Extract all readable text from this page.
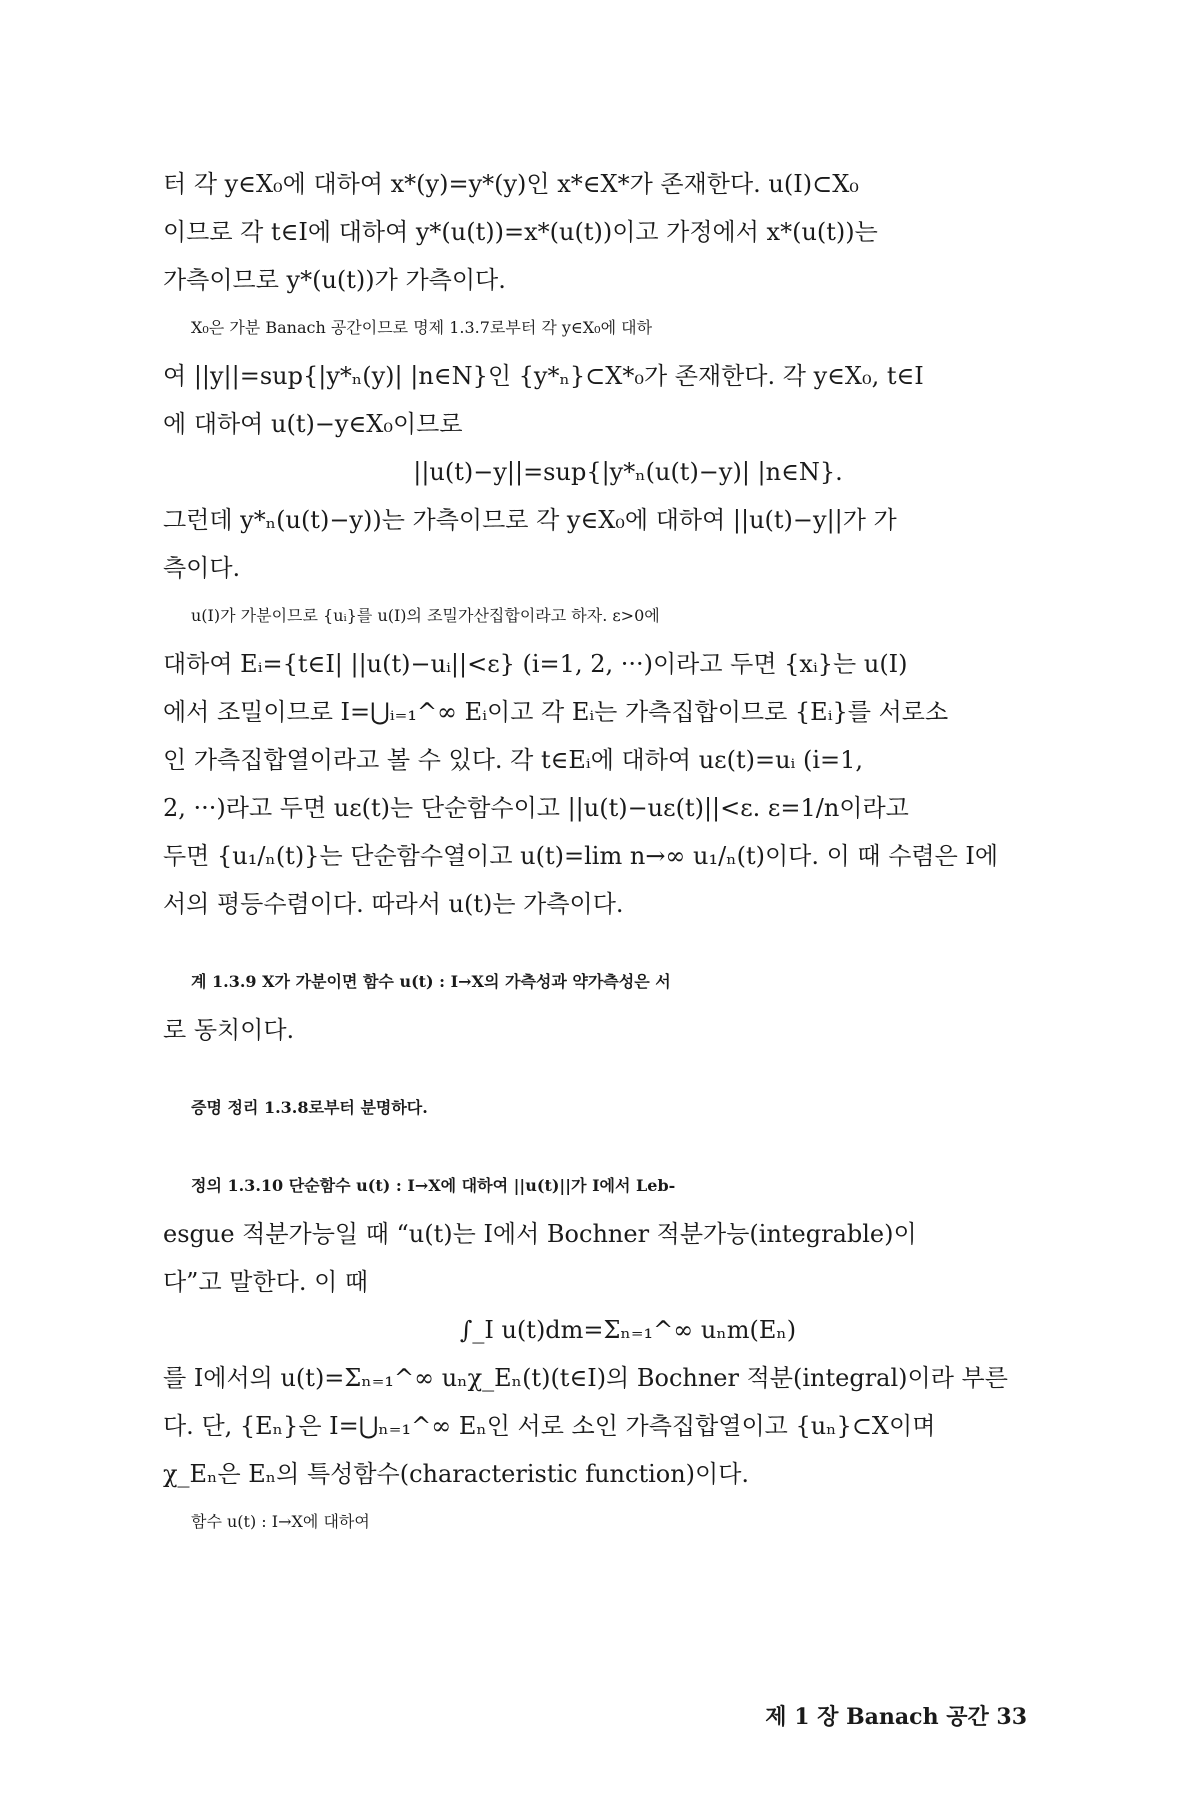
터 각 y∈X₀에 대하여 x*(y)=y*(y)인 x*∈X*가 존재한다. u(I)⊂X₀
이므로 각 t∈I에 대하여 y*(u(t))=x*(u(t))이고 가정에서 x*(u(t))는
가측이므로 y*(u(t))가 가측이다.
X₀은 가분 Banach 공간이므로 명제 1.3.7로부터 각 y∈X₀에 대하
여 ||y||=sup{|y*ₙ(y)| |n∈N}인 {y*ₙ}⊂X*₀가 존재한다. 각 y∈X₀, t∈I
에 대하여 u(t)−y∈X₀이므로
||u(t)−y||=sup{|y*ₙ(u(t)−y)| |n∈N}.
그런데 y*ₙ(u(t)−y))는 가측이므로 각 y∈X₀에 대하여 ||u(t)−y||가 가
측이다.
u(I)가 가분이므로 {uᵢ}를 u(I)의 조밀가산집합이라고 하자. ε>0에
대하여 Eᵢ={t∈I| ||u(t)−uᵢ||<ε} (i=1, 2, ···)이라고 두면 {xᵢ}는 u(I)
에서 조밀이므로 I=⋃ᵢ₌₁^∞ Eᵢ이고 각 Eᵢ는 가측집합이므로 {Eᵢ}를 서로소
인 가측집합열이라고 볼 수 있다. 각 t∈Eᵢ에 대하여 uε(t)=uᵢ (i=1,
2, ···)라고 두면 uε(t)는 단순함수이고 ||u(t)−uε(t)||<ε. ε=1/n이라고
두면 {u₁/ₙ(t)}는 단순함수열이고 u(t)=lim n→∞ u₁/ₙ(t)이다. 이 때 수렴은 I에
서의 평등수렴이다. 따라서 u(t)는 가측이다.
계 1.3.9 X가 가분이면 함수 u(t) : I→X의 가측성과 약가측성은 서
로 동치이다.
증명 정리 1.3.8로부터 분명하다.
정의 1.3.10 단순함수 u(t) : I→X에 대하여 ||u(t)||가 I에서 Leb-
esgue 적분가능일 때 “u(t)는 I에서 Bochner 적분가능(integrable)이
다”고 말한다. 이 때
∫_I u(t)dm=Σₙ₌₁^∞ uₙm(Eₙ)
를 I에서의 u(t)=Σₙ₌₁^∞ uₙχ_Eₙ(t)(t∈I)의 Bochner 적분(integral)이라 부른
다. 단, {Eₙ}은 I=⋃ₙ₌₁^∞ Eₙ인 서로 소인 가측집합열이고 {uₙ}⊂X이며
χ_Eₙ은 Eₙ의 특성함수(characteristic function)이다.
함수 u(t) : I→X에 대하여
제 1 장 Banach 공간 33
